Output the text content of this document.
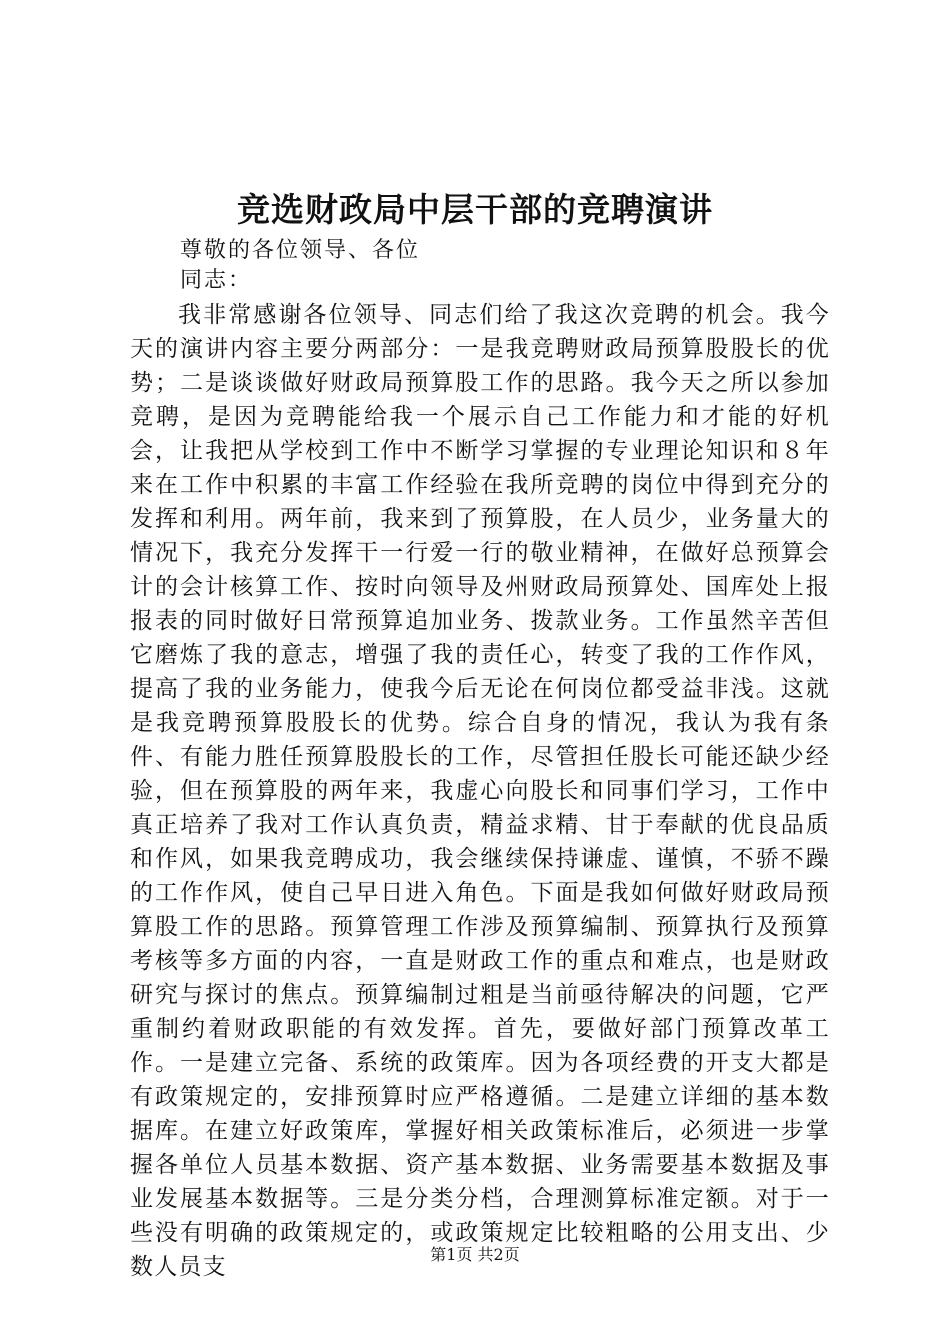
竞选财政局中层干部的竞聘演讲
尊敬的各位领导、各位
同志：
我非常感谢各位领导、同志们给了我这次竞聘的机会。我今天的演讲内容主要分两部分：一是我竞聘财政局预算股股长的优势；二是谈谈做好财政局预算股工作的思路。我今天之所以参加竞聘，是因为竞聘能给我一个展示自己工作能力和才能的好机会，让我把从学校到工作中不断学习掌握的专业理论知识和８年来在工作中积累的丰富工作经验在我所竞聘的岗位中得到充分的发挥和利用。两年前，我来到了预算股，在人员少，业务量大的情况下，我充分发挥干一行爱一行的敬业精神，在做好总预算会计的会计核算工作、按时向领导及州财政局预算处、国库处上报报表的同时做好日常预算追加业务、拨款业务。工作虽然辛苦但它磨炼了我的意志，增强了我的责任心，转变了我的工作作风，提高了我的业务能力，使我今后无论在何岗位都受益非浅。这就是我竞聘预算股股长的优势。综合自身的情况，我认为我有条件、有能力胜任预算股股长的工作，尽管担任股长可能还缺少经验，但在预算股的两年来，我虚心向股长和同事们学习，工作中真正培养了我对工作认真负责，精益求精、甘于奉献的优良品质和作风，如果我竞聘成功，我会继续保持谦虚、谨慎，不骄不躁的工作作风，使自己早日进入角色。下面是我如何做好财政局预算股工作的思路。预算管理工作涉及预算编制、预算执行及预算考核等多方面的内容，一直是财政工作的重点和难点，也是财政研究与探讨的焦点。预算编制过粗是当前亟待解决的问题，它严重制约着财政职能的有效发挥。首先，要做好部门预算改革工作。一是建立完备、系统的政策库。因为各项经费的开支大都是有政策规定的，安排预算时应严格遵循。二是建立详细的基本数据库。在建立好政策库，掌握好相关政策标准后，必须进一步掌握各单位人员基本数据、资产基本数据、业务需要基本数据及事业发展基本数据等。三是分类分档，合理测算标准定额。对于一些没有明确的政策规定的，或政策规定比较粗略的公用支出、少数人员支	第1页 共2页
